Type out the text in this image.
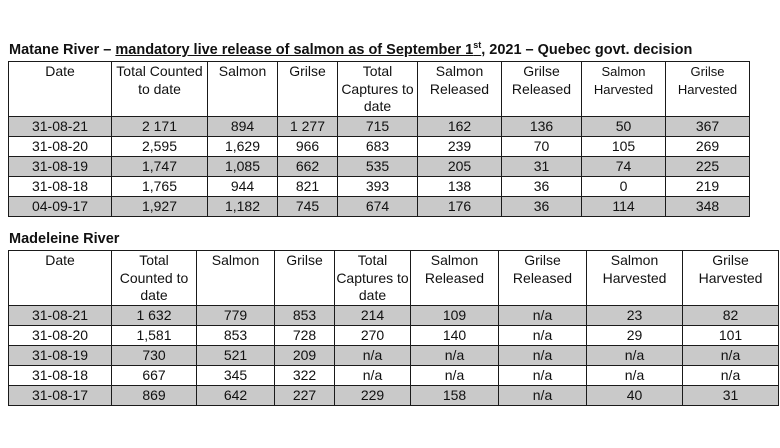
Matane River – mandatory live release of salmon as of September 1st, 2021 – Quebec govt. decision
Date	Total Counted to date	Salmon	Grilse	Total Captures to date	Salmon Released	Grilse Released	Salmon Harvested	Grilse Harvested
31-08-21	2 171	894	1 277	715	162	136	50	367
31-08-20	2,595	1,629	966	683	239	70	105	269
31-08-19	1,747	1,085	662	535	205	31	74	225
31-08-18	1,765	944	821	393	138	36	0	219
04-09-17	1,927	1,182	745	674	176	36	114	348
Madeleine River
Date	Total Counted to date	Salmon	Grilse	Total Captures to date	Salmon Released	Grilse Released	Salmon Harvested	Grilse Harvested
31-08-21	1 632	779	853	214	109	n/a	23	82
31-08-20	1,581	853	728	270	140	n/a	29	101
31-08-19	730	521	209	n/a	n/a	n/a	n/a	n/a
31-08-18	667	345	322	n/a	n/a	n/a	n/a	n/a
31-08-17	869	642	227	229	158	n/a	40	31
